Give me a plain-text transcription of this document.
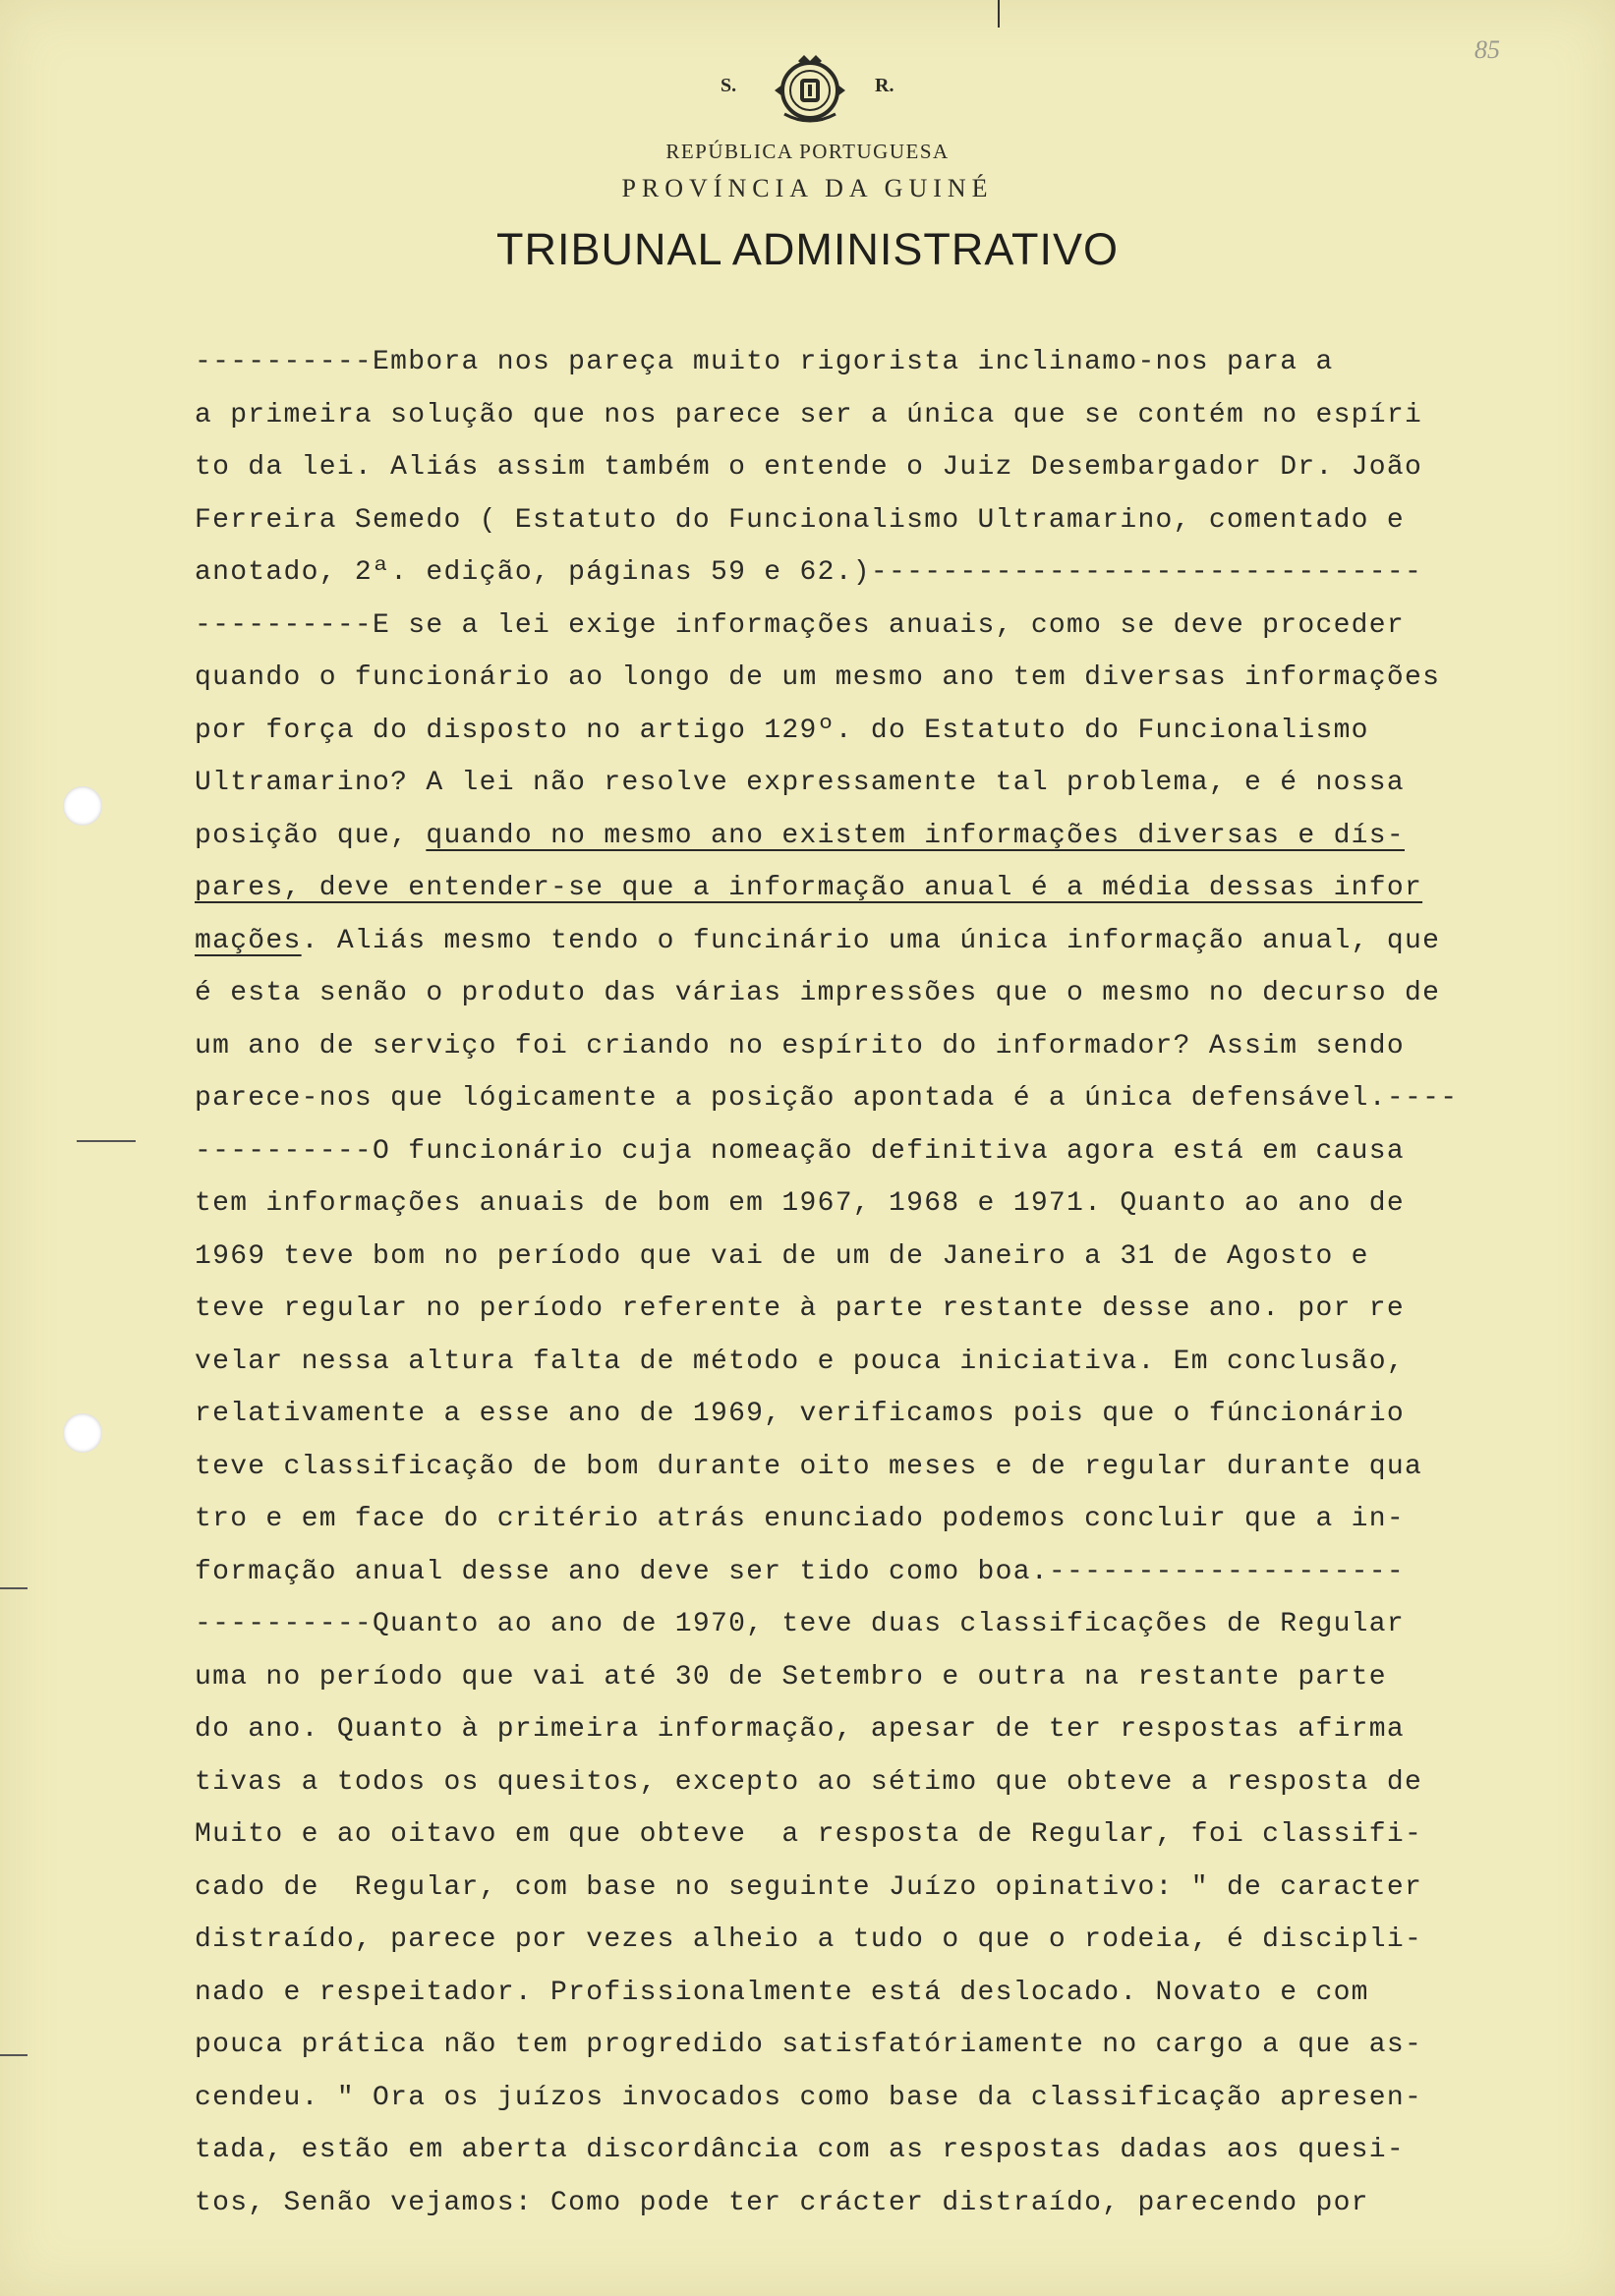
85
S.	R.
REPÚBLICA PORTUGUESA
PROVÍNCIA DA GUINÉ
TRIBUNAL ADMINISTRATIVO
----------Embora nos pareça muito rigorista inclinamo-nos para a
a primeira solução que nos parece ser a única que se contém no espíri
to da lei. Aliás assim também o entende o Juiz Desembargador Dr. João
Ferreira Semedo ( Estatuto do Funcionalismo Ultramarino, comentado e
anotado, 2ª. edição, páginas 59 e 62.)-------------------------------
----------E se a lei exige informações anuais, como se deve proceder
quando o funcionário ao longo de um mesmo ano tem diversas informações
por força do disposto no artigo 129º. do Estatuto do Funcionalismo
Ultramarino? A lei não resolve expressamente tal problema, e é nossa
posição que, quando no mesmo ano existem informações diversas e dís-
pares, deve entender-se que a informação anual é a média dessas infor
mações. Aliás mesmo tendo o funcinário uma única informação anual, que
é esta senão o produto das várias impressões que o mesmo no decurso de
um ano de serviço foi criando no espírito do informador? Assim sendo
parece-nos que lógicamente a posição apontada é a única defensável.----
----------O funcionário cuja nomeação definitiva agora está em causa
tem informações anuais de bom em 1967, 1968 e 1971. Quanto ao ano de
1969 teve bom no período que vai de um de Janeiro a 31 de Agosto e
teve regular no período referente à parte restante desse ano. por re
velar nessa altura falta de método e pouca iniciativa. Em conclusão,
relativamente a esse ano de 1969, verificamos pois que o fúncionário
teve classificação de bom durante oito meses e de regular durante qua
tro e em face do critério atrás enunciado podemos concluir que a in-
formação anual desse ano deve ser tido como boa.--------------------
----------Quanto ao ano de 1970, teve duas classificações de Regular
uma no período que vai até 30 de Setembro e outra na restante parte
do ano. Quanto à primeira informação, apesar de ter respostas afirma
tivas a todos os quesitos, excepto ao sétimo que obteve a resposta de
Muito e ao oitavo em que obteve  a resposta de Regular, foi classifi-
cado de  Regular, com base no seguinte Juízo opinativo: " de caracter
distraído, parece por vezes alheio a tudo o que o rodeia, é discipli-
nado e respeitador. Profissionalmente está deslocado. Novato e com
pouca prática não tem progredido satisfatóriamente no cargo a que as-
cendeu. " Ora os juízos invocados como base da classificação apresen-
tada, estão em aberta discordância com as respostas dadas aos quesi-
tos, Senão vejamos: Como pode ter crácter distraído, parecendo por
